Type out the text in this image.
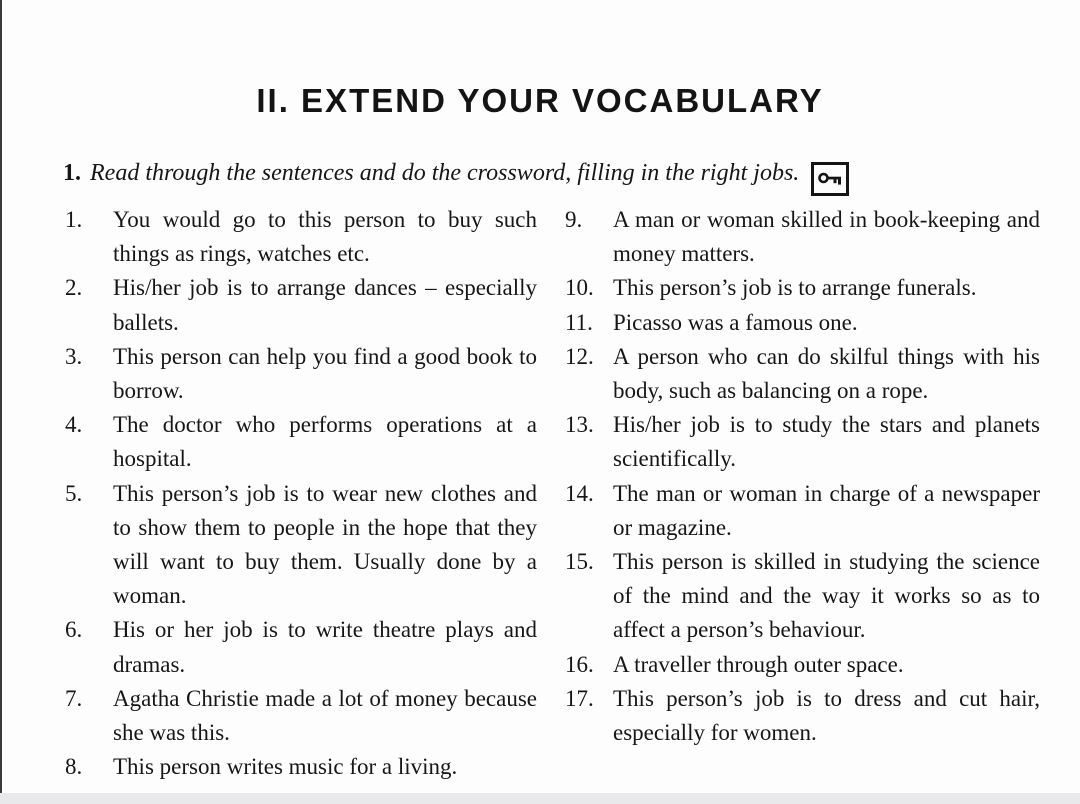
II. EXTEND YOUR VOCABULARY
1. Read through the sentences and do the crossword, filling in the right jobs.
1.	You would go to this person to buy such things as rings, watches etc.
2.	His/her job is to arrange dances – especially ballets.
3.	This person can help you find a good book to borrow.
4.	The doctor who performs operations at a hospital.
5.	This person’s job is to wear new clothes and to show them to people in the hope that they will want to buy them. Usually done by a woman.
6.	His or her job is to write theatre plays and dramas.
7.	Agatha Christie made a lot of money because she was this.
8.	This person writes music for a living.
9.	A man or woman skilled in book-keeping and money matters.
10. This person’s job is to arrange funerals.
11. Picasso was a famous one.
12. A person who can do skilful things with his body, such as balancing on a rope.
13. His/her job is to study the stars and planets scientifically.
14. The man or woman in charge of a newspaper or magazine.
15. This person is skilled in studying the science of the mind and the way it works so as to affect a person’s behaviour.
16. A traveller through outer space.
17. This person’s job is to dress and cut hair, especially for women.
